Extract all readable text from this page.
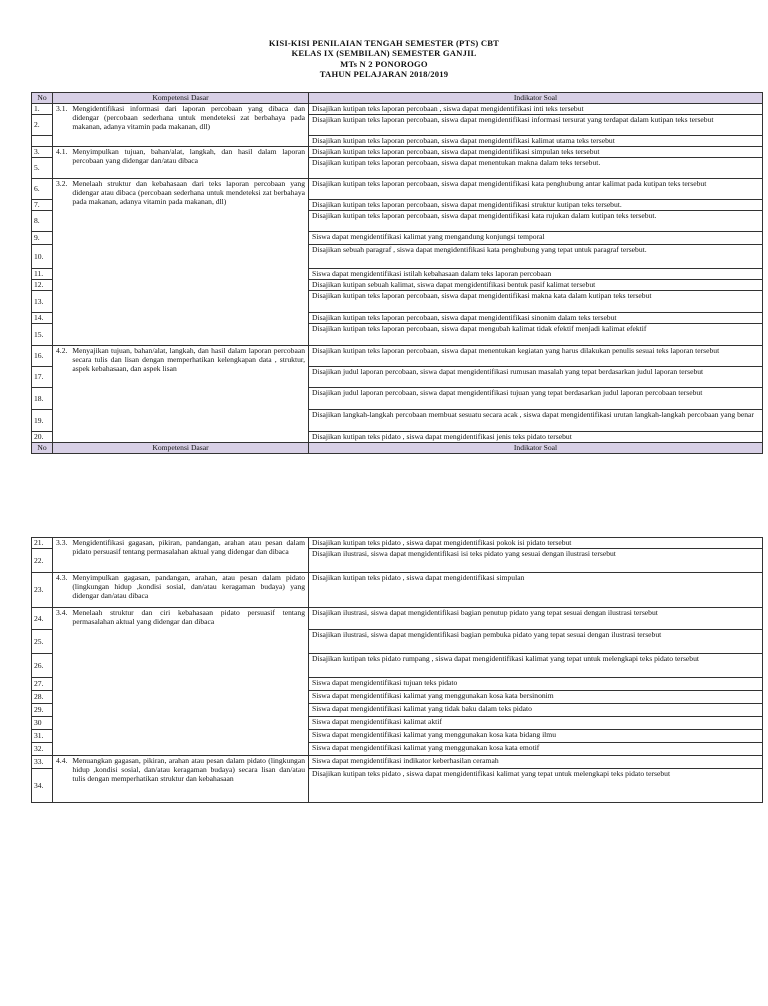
KISI-KISI PENILAIAN TENGAH SEMESTER (PTS) CBT
KELAS IX (SEMBILAN) SEMESTER GANJIL
MTs N 2 PONOROGO
TAHUN PELAJARAN 2018/2019
No	Kompetensi Dasar	Indikator Soal
1.	3.1. Mengidentifikasi informasi dari laporan percobaan yang dibaca dan didengar (percobaan sederhana untuk mendeteksi zat berbahaya pada makanan, adanya vitamin pada makanan, dll)	Disajikan kutipan teks laporan percobaan , siswa dapat mengidentifikasi inti teks tersebut
2.		Disajikan kutipan teks laporan percobaan, siswa dapat mengidentifikasi informasi tersurat yang terdapat dalam kutipan teks tersebut
		Disajikan kutipan teks laporan percobaan, siswa dapat mengidentifikasi kalimat utama teks tersebut
3.	4.1. Menyimpulkan tujuan, bahan/alat, langkah, dan hasil dalam laporan percobaan yang didengar dan/atau dibaca	Disajikan kutipan teks laporan percobaan, siswa dapat mengidentifikasi simpulan teks tersebut
5.		Disajikan kutipan teks laporan percobaan, siswa dapat menentukan makna dalam teks tersebut.
6.	3.2. Menelaah struktur dan kebahasaan dari teks laporan percobaan yang didengar atau dibaca (percobaan sederhana untuk mendeteksi zat berbahaya pada makanan, adanya vitamin pada makanan, dll)	Disajikan kutipan teks laporan percobaan, siswa dapat mengidentifikasi kata penghubung antar kalimat pada kutipan teks tersebut
7.		Disajikan kutipan teks laporan percobaan, siswa dapat mengidentifikasi struktur kutipan teks tersebut.
8.		Disajikan kutipan teks laporan percobaan, siswa dapat mengidentifikasi kata rujukan dalam kutipan teks tersebut.
9.		Siswa dapat mengidentifikasi kalimat yang mengandung konjungsi temporal
10.		Disajikan sebuah paragraf , siswa dapat mengidentifikasi kata penghubung yang tepat untuk paragraf tersebut.
11.		Siswa dapat mengidentifikasi istilah kebahasaan dalam teks laporan percobaan
12.		Disajikan kutipan sebuah kalimat, siswa dapat mengidentifikasi bentuk pasif kalimat tersebut
13.		Disajikan kutipan teks laporan percobaan, siswa dapat mengidentifikasi makna kata dalam kutipan teks tersebut
14.		Disajikan kutipan teks laporan percobaan, siswa dapat mengidentifikasi sinonim dalam teks tersebut
15.		Disajikan kutipan teks laporan percobaan, siswa dapat mengubah kalimat tidak efektif menjadi kalimat efektif
16.	4.2. Menyajikan tujuan, bahan/alat, langkah, dan hasil dalam laporan percobaan secara tulis dan lisan dengan memperhatikan kelengkapan data , struktur, aspek kebahasaan, dan aspek lisan	Disajikan kutipan teks laporan percobaan, siswa dapat menentukan kegiatan yang harus dilakukan penulis sesuai teks laporan tersebut
17.		Disajikan judul laporan percobaan, siswa dapat mengidentifikasi rumusan masalah yang tepat berdasarkan judul laporan tersebut
18.		Disajikan judul laporan percobaan, siswa dapat mengidentifikasi tujuan yang tepat berdasarkan judul laporan percobaan tersebut
19.		Disajikan langkah-langkah percobaan membuat sesuatu secara acak , siswa dapat mengidentifikasi urutan langkah-langkah percobaan yang benar
20.		Disajikan kutipan teks pidato , siswa dapat mengidentifikasi jenis teks pidato tersebut
No	Kompetensi Dasar	Indikator Soal
21.	3.3. Mengidentifikasi gagasan, pikiran, pandangan, arahan atau pesan dalam pidato persuasif tentang permasalahan aktual yang didengar dan dibaca	Disajikan kutipan teks pidato , siswa dapat mengidentifikasi pokok isi pidato tersebut
22.		Disajikan ilustrasi, siswa dapat mengidentifikasi isi teks pidato yang sesuai dengan ilustrasi tersebut
23.	4.3. Menyimpulkan gagasan, pandangan, arahan, atau pesan dalam pidato (lingkungan hidup ,kondisi sosial, dan/atau keragaman budaya) yang didengar dan/atau dibaca	Disajikan kutipan teks pidato , siswa dapat mengidentifikasi simpulan
24.	3.4. Menelaah struktur dan ciri kebahasaan pidato persuasif tentang permasalahan aktual yang didengar dan dibaca	Disajikan ilustrasi, siswa dapat mengidentifikasi bagian penutup pidato yang tepat sesuai dengan ilustrasi tersebut
25.		Disajikan ilustrasi, siswa dapat mengidentifikasi bagian pembuka pidato yang tepat sesuai dengan ilustrasi tersebut
26.		Disajikan kutipan teks pidato rumpang , siswa dapat mengidentifikasi kalimat yang tepat untuk melengkapi teks pidato tersebut
27.		Siswa dapat mengidentifikasi tujuan teks pidato
28.		Siswa dapat mengidentifikasi kalimat yang menggunakan kosa kata bersinonim
29.		Siswa dapat mengidentifikasi kalimat yang tidak baku dalam teks pidato
30		Siswa dapat mengidentifikasi kalimat aktif
31.		Siswa dapat mengidentifikasi kalimat yang menggunakan kosa kata bidang ilmu
32.		Siswa dapat mengidentifikasi kalimat yang menggunakan kosa kata emotif
33.	4.4. Menuangkan gagasan, pikiran, arahan atau pesan dalam pidato (lingkungan hidup ,kondisi sosial, dan/atau keragaman budaya) secara lisan dan/atau tulis dengan memperhatikan struktur dan kebahasaan	Siswa dapat mengidentifikasi indikator keberhasilan ceramah
34.		Disajikan kutipan teks pidato , siswa dapat mengidentifikasi kalimat yang tepat untuk melengkapi teks pidato tersebut
